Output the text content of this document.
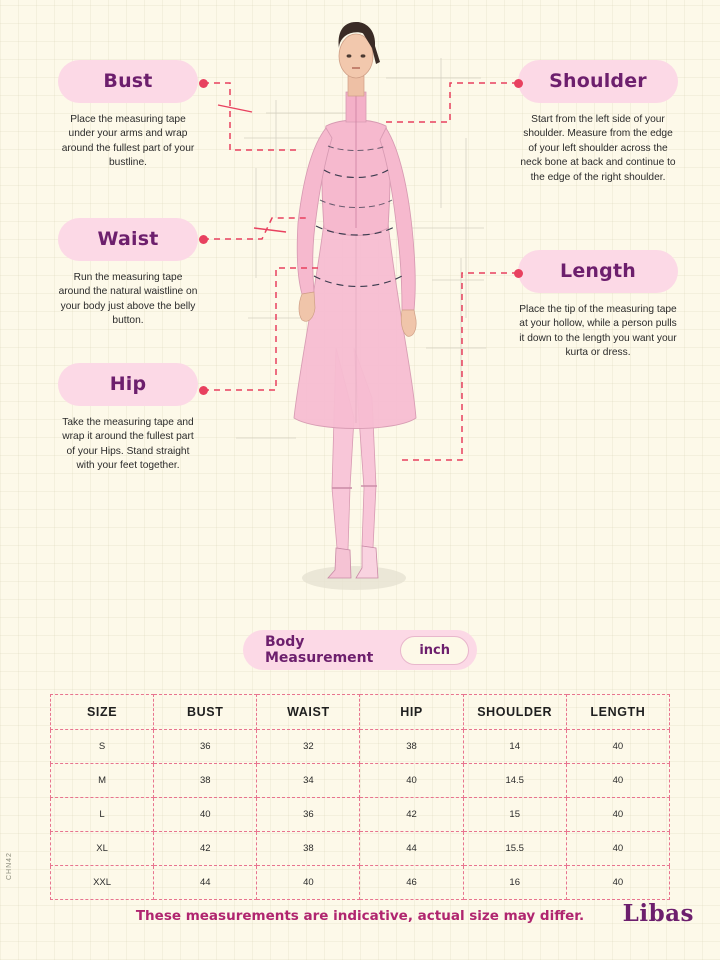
Bust
Place the measuring tape under your arms and wrap around the fullest part of your bustline.
Waist
Run the measuring tape around the natural waistline on your body just above the belly button.
Hip
Take the measuring tape and wrap it around the fullest part of your Hips. Stand straight with your feet together.
Shoulder
Start from the left side of your shoulder. Measure from the edge of your left shoulder across the neck bone at back and continue to the edge of the right shoulder.
Length
Place the tip of the measuring tape at your hollow, while a person pulls it down to the length you want your kurta or dress.
Body Measurement	inch
SIZE	BUST	WAIST	HIP	SHOULDER	LENGTH
S	36	32	38	14	40
M	38	34	40	14.5	40
L	40	36	42	15	40
XL	42	38	44	15.5	40
XXL	44	40	46	16	40
These measurements are indicative, actual size may differ.	Libas
CHN42
